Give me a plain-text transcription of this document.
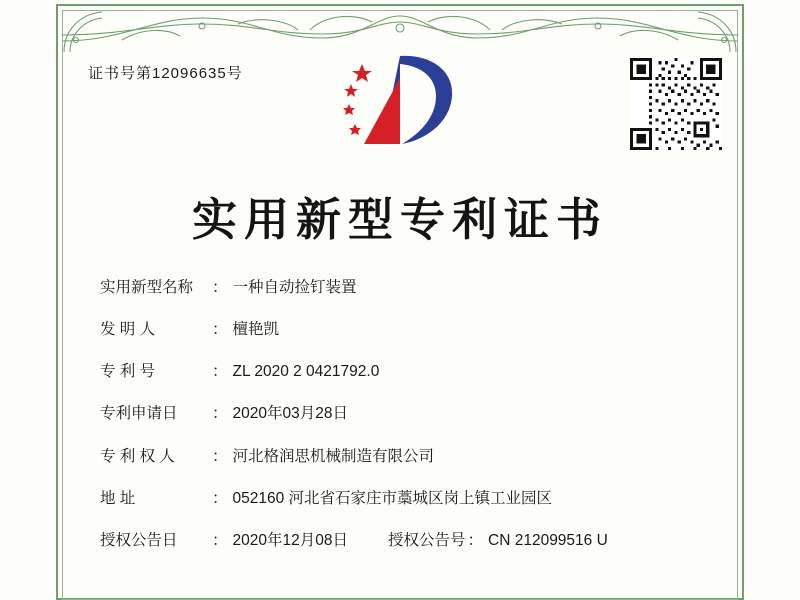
证书号第12096635号
实用新型专利证书
实用新型名称	： 一种自动捡钉装置
发 明 人	： 檀艳凯
专 利 号	： ZL 2020 2 0421792.0
专利申请日	： 2020年03月28日
专 利 权 人	： 河北格润思机械制造有限公司
地 址	： 052160 河北省石家庄市藁城区岗上镇工业园区
授权公告日	： 2020年12月08日	授权公告号 ： CN 212099516 U
